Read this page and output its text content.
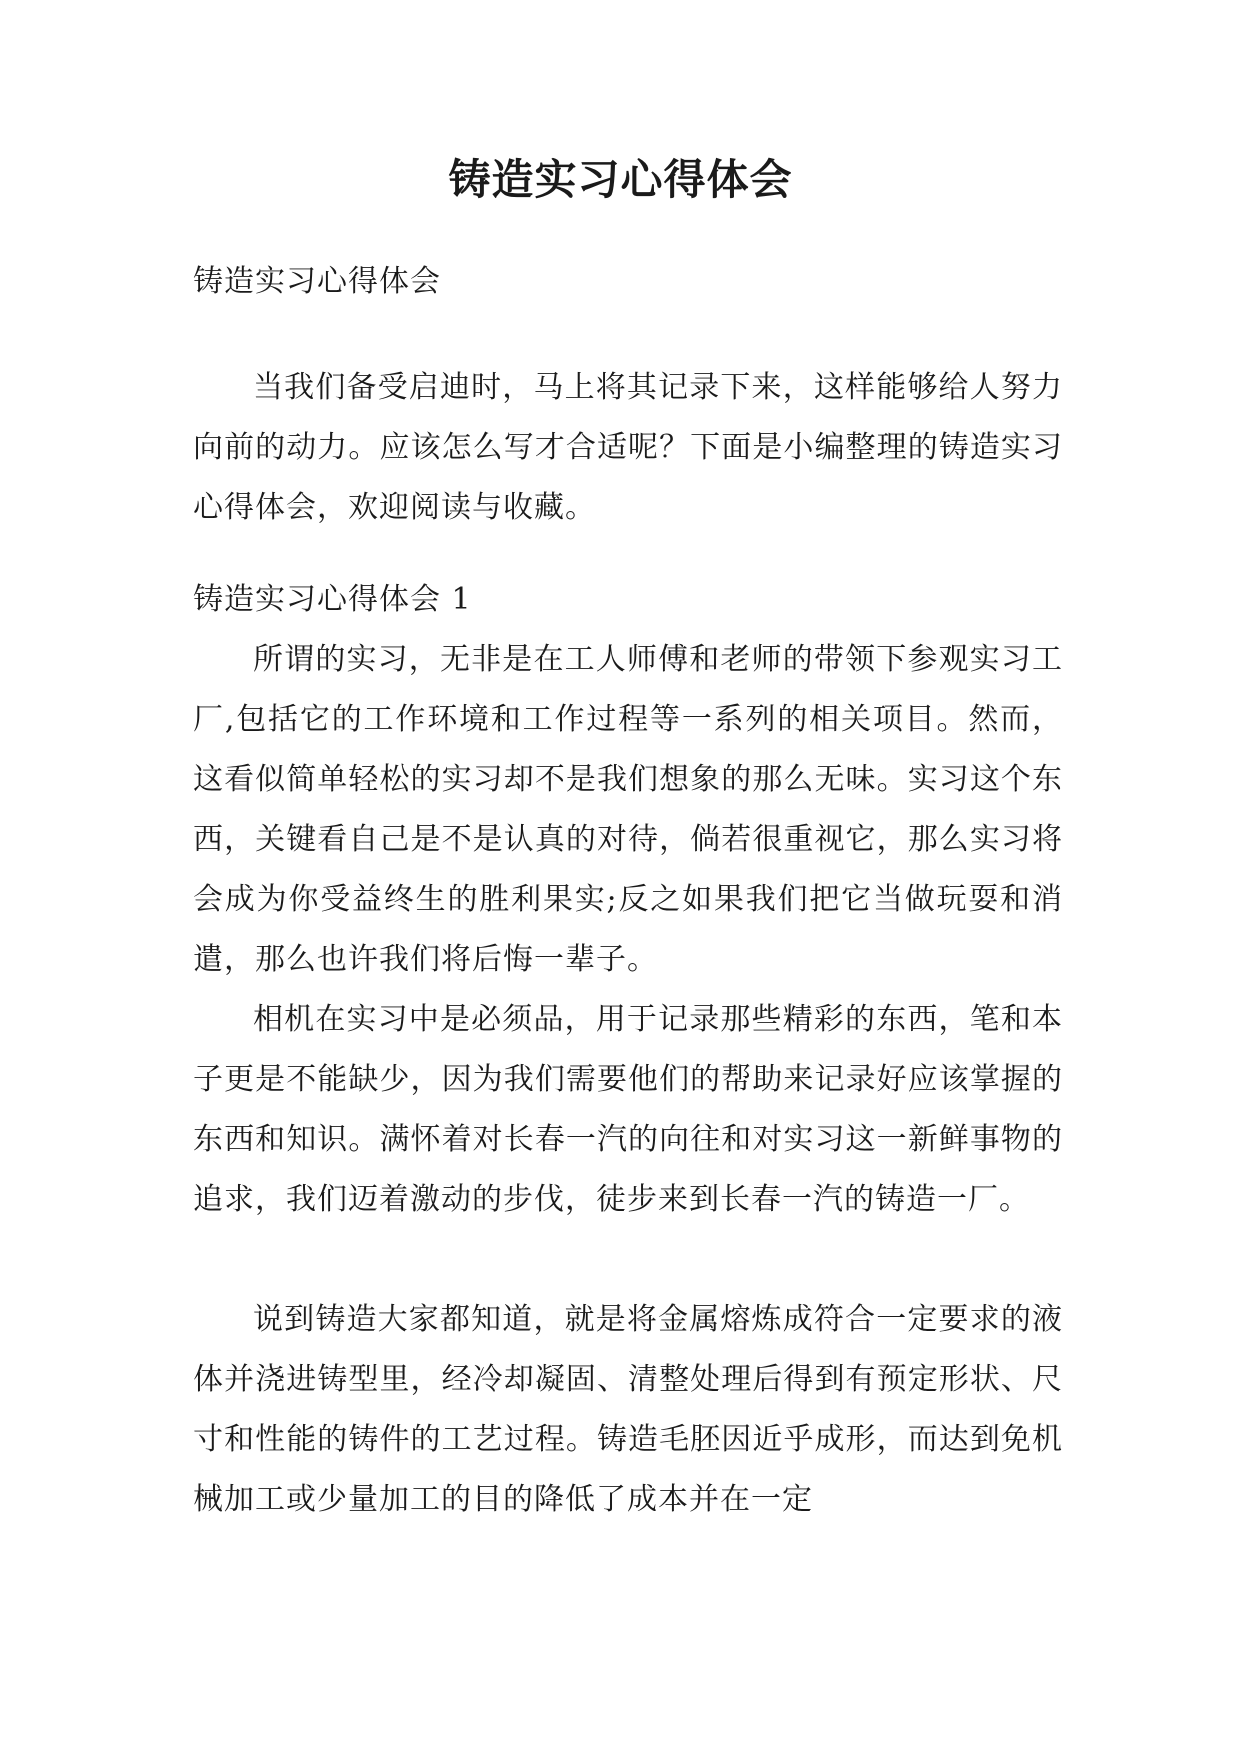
铸造实习心得体会

铸造实习心得体会

当我们备受启迪时，马上将其记录下来，这样能够给人努力向前的动力。应该怎么写才合适呢？下面是小编整理的铸造实习心得体会，欢迎阅读与收藏。

铸造实习心得体会 1

所谓的实习，无非是在工人师傅和老师的带领下参观实习工厂,包括它的工作环境和工作过程等一系列的相关项目。然而，这看似简单轻松的实习却不是我们想象的那么无味。实习这个东西，关键看自己是不是认真的对待，倘若很重视它，那么实习将会成为你受益终生的胜利果实;反之如果我们把它当做玩耍和消遣，那么也许我们将后悔一辈子。

相机在实习中是必须品，用于记录那些精彩的东西，笔和本子更是不能缺少，因为我们需要他们的帮助来记录好应该掌握的东西和知识。满怀着对长春一汽的向往和对实习这一新鲜事物的追求，我们迈着激动的步伐，徒步来到长春一汽的铸造一厂。

说到铸造大家都知道，就是将金属熔炼成符合一定要求的液体并浇进铸型里，经冷却凝固、清整处理后得到有预定形状、尺寸和性能的铸件的工艺过程。铸造毛胚因近乎成形，而达到免机械加工或少量加工的目的降低了成本并在一定
